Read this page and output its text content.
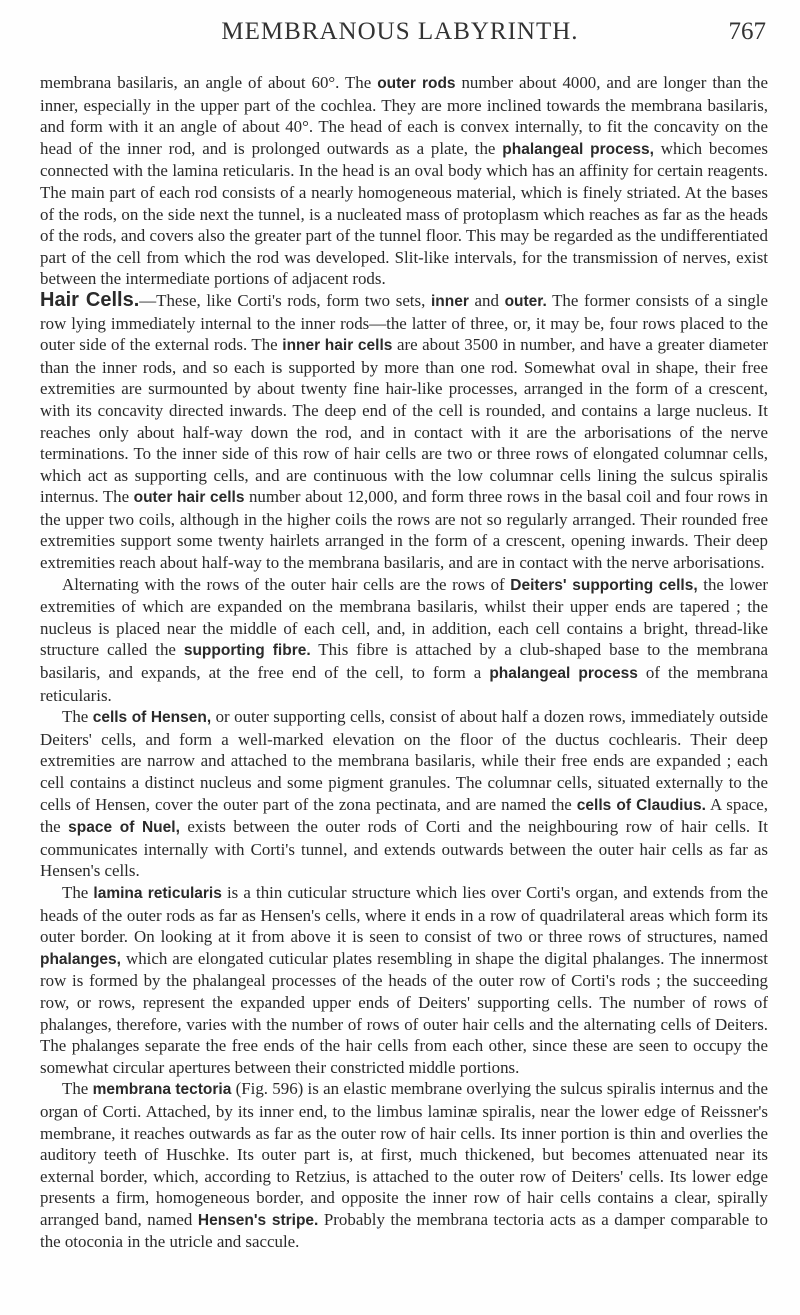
MEMBRANOUS LABYRINTH.	767

membrana basilaris, an angle of about 60°. The outer rods number about 4000, and are longer than the inner, especially in the upper part of the cochlea. They are more inclined towards the membrana basilaris, and form with it an angle of about 40°. The head of each is convex internally, to fit the concavity on the head of the inner rod, and is prolonged outwards as a plate, the phalangeal process, which becomes connected with the lamina reticularis. In the head is an oval body which has an affinity for certain reagents. The main part of each rod consists of a nearly homogeneous material, which is finely striated. At the bases of the rods, on the side next the tunnel, is a nucleated mass of protoplasm which reaches as far as the heads of the rods, and covers also the greater part of the tunnel floor. This may be regarded as the undifferentiated part of the cell from which the rod was developed. Slit-like intervals, for the transmission of nerves, exist between the intermediate portions of adjacent rods.

Hair Cells.—These, like Corti's rods, form two sets, inner and outer. The former consists of a single row lying immediately internal to the inner rods—the latter of three, or, it may be, four rows placed to the outer side of the external rods. The inner hair cells are about 3500 in number, and have a greater diameter than the inner rods, and so each is supported by more than one rod. Somewhat oval in shape, their free extremities are surmounted by about twenty fine hair-like processes, arranged in the form of a crescent, with its concavity directed inwards. The deep end of the cell is rounded, and contains a large nucleus. It reaches only about half-way down the rod, and in contact with it are the arborisations of the nerve terminations. To the inner side of this row of hair cells are two or three rows of elongated columnar cells, which act as supporting cells, and are continuous with the low columnar cells lining the sulcus spiralis internus. The outer hair cells number about 12,000, and form three rows in the basal coil and four rows in the upper two coils, although in the higher coils the rows are not so regularly arranged. Their rounded free extremities support some twenty hairlets arranged in the form of a crescent, opening inwards. Their deep extremities reach about half-way to the membrana basilaris, and are in contact with the nerve arborisations.

Alternating with the rows of the outer hair cells are the rows of Deiters' supporting cells, the lower extremities of which are expanded on the membrana basilaris, whilst their upper ends are tapered ; the nucleus is placed near the middle of each cell, and, in addition, each cell contains a bright, thread-like structure called the supporting fibre. This fibre is attached by a club-shaped base to the membrana basilaris, and expands, at the free end of the cell, to form a phalangeal process of the membrana reticularis.

The cells of Hensen, or outer supporting cells, consist of about half a dozen rows, immediately outside Deiters' cells, and form a well-marked elevation on the floor of the ductus cochlearis. Their deep extremities are narrow and attached to the membrana basilaris, while their free ends are expanded ; each cell contains a distinct nucleus and some pigment granules. The columnar cells, situated externally to the cells of Hensen, cover the outer part of the zona pectinata, and are named the cells of Claudius. A space, the space of Nuel, exists between the outer rods of Corti and the neighbouring row of hair cells. It communicates internally with Corti's tunnel, and extends outwards between the outer hair cells as far as Hensen's cells.

The lamina reticularis is a thin cuticular structure which lies over Corti's organ, and extends from the heads of the outer rods as far as Hensen's cells, where it ends in a row of quadrilateral areas which form its outer border. On looking at it from above it is seen to consist of two or three rows of structures, named phalanges, which are elongated cuticular plates resembling in shape the digital phalanges. The innermost row is formed by the phalangeal processes of the heads of the outer row of Corti's rods ; the succeeding row, or rows, represent the expanded upper ends of Deiters' supporting cells. The number of rows of phalanges, therefore, varies with the number of rows of outer hair cells and the alternating cells of Deiters. The phalanges separate the free ends of the hair cells from each other, since these are seen to occupy the somewhat circular apertures between their constricted middle portions.

The membrana tectoria (Fig. 596) is an elastic membrane overlying the sulcus spiralis internus and the organ of Corti. Attached, by its inner end, to the limbus laminæ spiralis, near the lower edge of Reissner's membrane, it reaches outwards as far as the outer row of hair cells. Its inner portion is thin and overlies the auditory teeth of Huschke. Its outer part is, at first, much thickened, but becomes attenuated near its external border, which, according to Retzius, is attached to the outer row of Deiters' cells. Its lower edge presents a firm, homogeneous border, and opposite the inner row of hair cells contains a clear, spirally arranged band, named Hensen's stripe. Probably the membrana tectoria acts as a damper comparable to the otoconia in the utricle and saccule.
